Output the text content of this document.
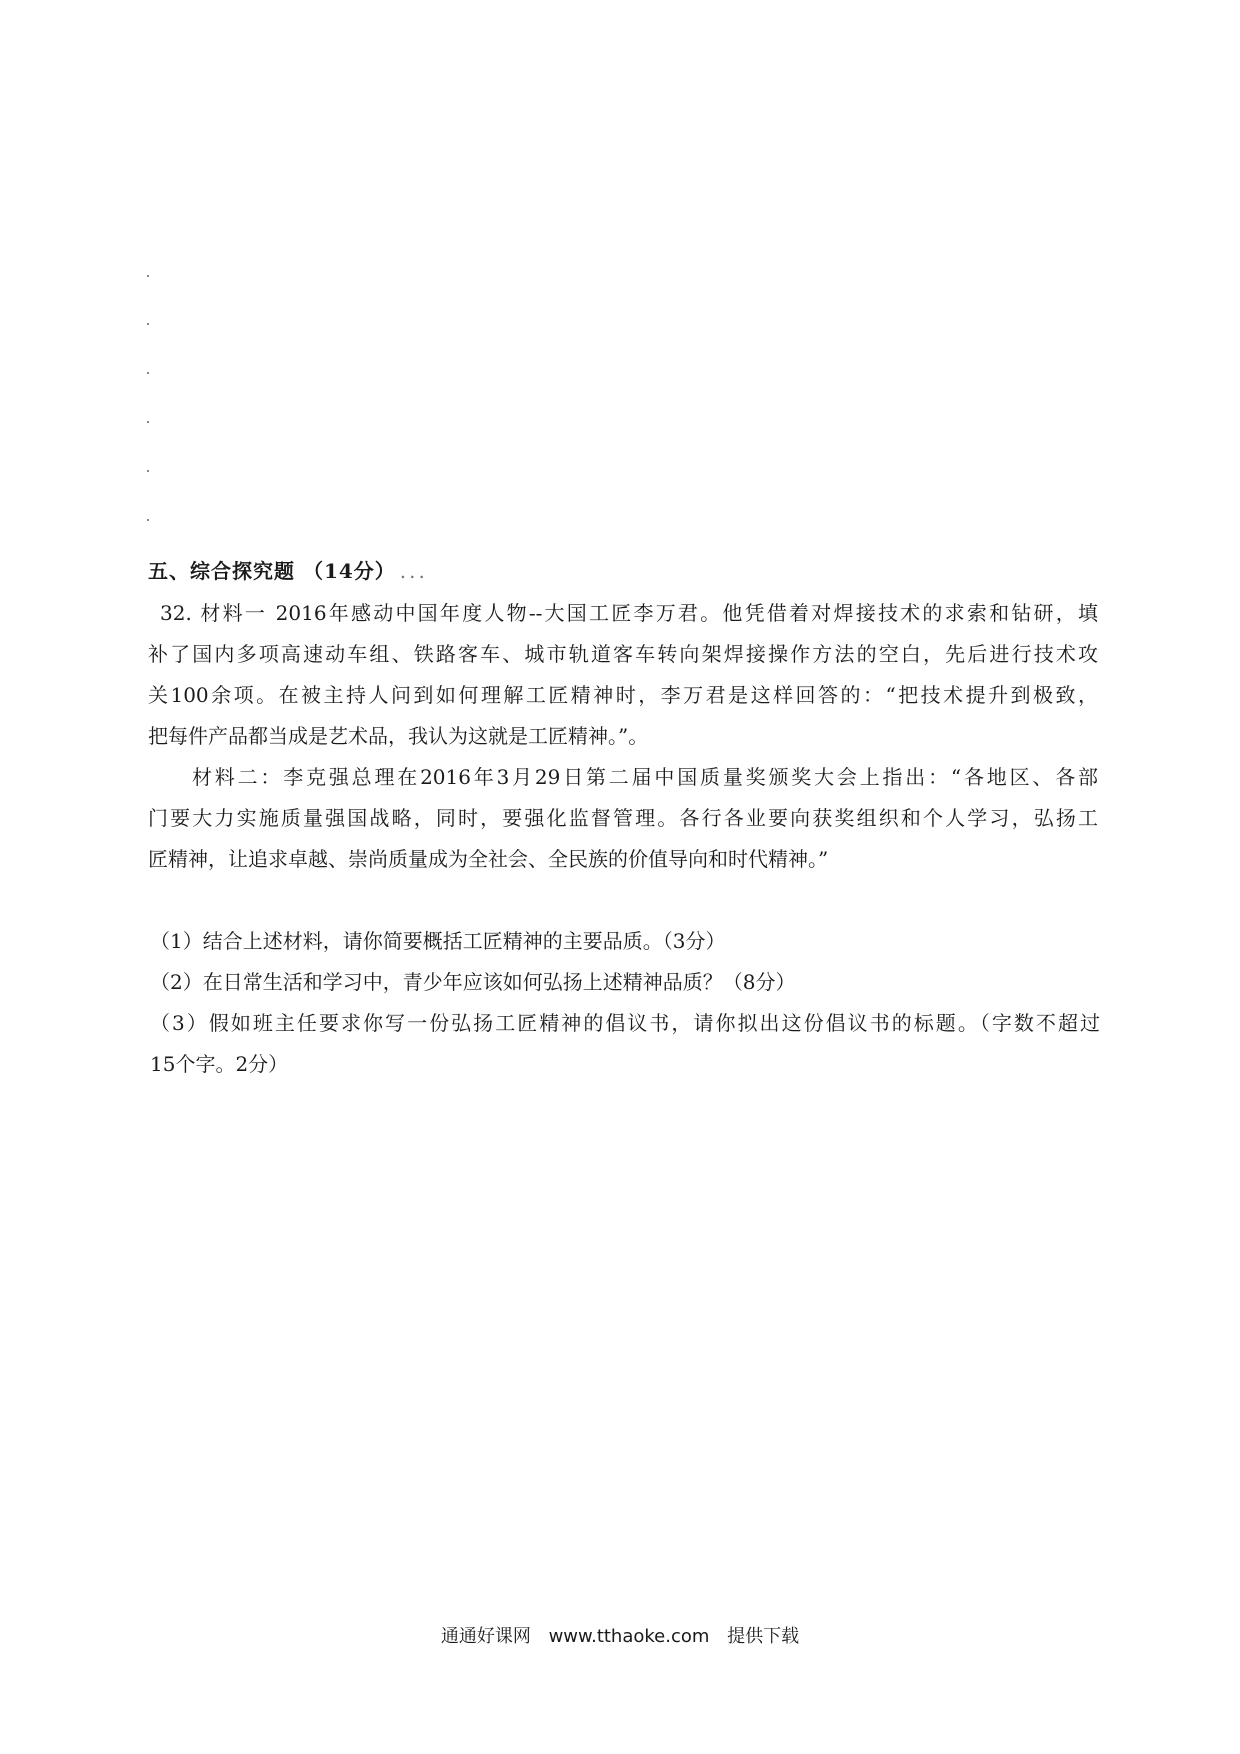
五、综合探究题 （14分） ...
32. 材料一 2016年感动中国年度人物--大国工匠李万君。他凭借着对焊接技术的求索和钻研，填
补了国内多项高速动车组、铁路客车、城市轨道客车转向架焊接操作方法的空白，先后进行技术攻
关100余项。在被主持人问到如何理解工匠精神时，李万君是这样回答的：“把技术提升到极致，
把每件产品都当成是艺术品，我认为这就是工匠精神。”。
材料二：李克强总理在2016年3月29日第二届中国质量奖颁奖大会上指出：“各地区、各部
门要大力实施质量强国战略，同时，要强化监督管理。各行各业要向获奖组织和个人学习，弘扬工
匠精神，让追求卓越、崇尚质量成为全社会、全民族的价值导向和时代精神。”
（1）结合上述材料，请你简要概括工匠精神的主要品质。（3分）
（2）在日常生活和学习中，青少年应该如何弘扬上述精神品质？（8分）
（3）假如班主任要求你写一份弘扬工匠精神的倡议书，请你拟出这份倡议书的标题。（字数不超过
15个字。2分）
通通好课网 www.tthaoke.com 提供下载
